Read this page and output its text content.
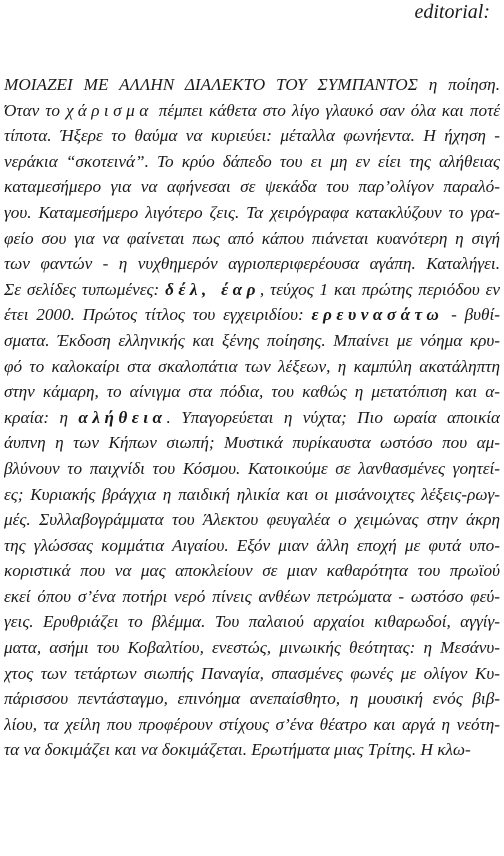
editorial:
ΜΟΙΑΖΕΙ ΜΕ ΑΛΛΗΝ ΔΙΑΛΕΚΤΟ ΤΟΥ ΣΥΜΠΑΝΤΟΣ η ποίηση.
Όταν το χάρισμα πέμπει κάθετα στο λίγο γλαυκό σαν όλα και ποτέ
τίποτα. Ήξερε το θαύμα να κυριεύει: μέταλλα φωνήεντα. Η ήχηση -
νεράκια “σκοτεινά”. Το κρύο δάπεδο του ει μη εν είει της αλήθειας
καταμεσήμερο για να αφήνεσαι σε ψεκάδα του παρ’ολίγον παραλό-
γου. Καταμεσήμερο λιγότερο ζεις. Τα χειρόγραφα κατακλύζουν το γρα-
φείο σου για να φαίνεται πως από κάπου πιάνεται κυανότερη η σιγή
των φαντών - η νυχθημερόν αγριοπεριφερέουσα αγάπη. Καταλήγει.
Σε σελίδες τυπωμένες: δέλ, έαρ, τεύχος 1 και πρώτης περιόδου εν
έτει 2000. Πρώτος τίτλος του εγχειριδίου: ερευνασάτω - βυθί-
σματα. Έκδοση ελληνικής και ξένης ποίησης. Μπαίνει με νόημα κρυ-
φό το καλοκαίρι στα σκαλοπάτια των λέξεων, η καμπύλη ακατάληπτη
στην κάμαρη, το αίνιγμα στα πόδια, του καθώς η μετατόπιση και α-
κραία: η αλήθεια. Υπαγορεύεται η νύχτα; Πιο ωραία αποικία
άυπνη η των Κήπων σιωπή; Μυστικά πυρίκαυστα ωστόσο που αμ-
βλύνουν το παιχνίδι του Κόσμου. Κατοικούμε σε λανθασμένες γοητεί-
ες; Κυριακής βράγχια η παιδική ηλικία και οι μισάνοιχτες λέξεις-ρωγ-
μές. Συλλαβογράμματα του Άλεκτου φευγαλέα ο χειμώνας στην άκρη
της γλώσσας κομμάτια Αιγαίου. Εξόν μιαν άλλη εποχή με φυτά υπο-
κοριστικά που να μας αποκλείουν σε μιαν καθαρότητα του πρωϊού
εκεί όπου σ’ένα ποτήρι νερό πίνεις ανθέων πετρώματα - ωστόσο φεύ-
γεις. Ερυθριάζει το βλέμμα. Του παλαιού αρχαίοι κιθαρωδοί, αγγίγ-
ματα, ασήμι του Κοβαλτίου, ενεστώς, μινωικής θεότητας: η Μεσάνυ-
χτος των τετάρτων σιωπής Παναγία, σπασμένες φωνές με ολίγον Κυ-
πάρισσου πεντάσταγμο, επινόημα ανεπαίσθητο, η μουσική ενός βιβ-
λίου, τα χείλη που προφέρουν στίχους σ’ένα θέατρο και αργά η νεότη-
τα να δοκιμάζει και να δοκιμάζεται. Ερωτήματα μιας Τρίτης. Η κλω-
